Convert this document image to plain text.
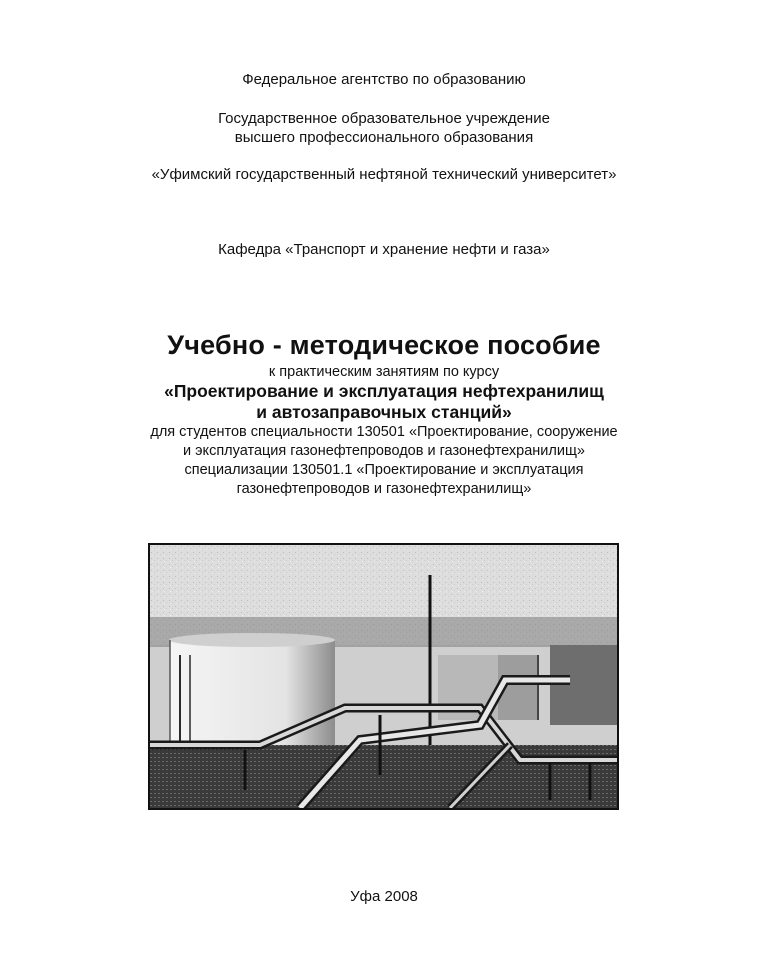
Федеральное агентство по образованию
Государственное образовательное учреждение
высшего профессионального образования
«Уфимский государственный нефтяной технический университет»
Кафедра «Транспорт и хранение нефти и газа»
Учебно - методическое пособие
к практическим занятиям по курсу
«Проектирование и эксплуатация нефтехранилищ
и автозаправочных станций»
для студентов специальности 130501 «Проектирование, сооружение
и эксплуатация газонефтепроводов и газонефтехранилищ»
специализации 130501.1 «Проектирование и эксплуатация
газонефтепроводов и газонефтехранилищ»
Уфа 2008
